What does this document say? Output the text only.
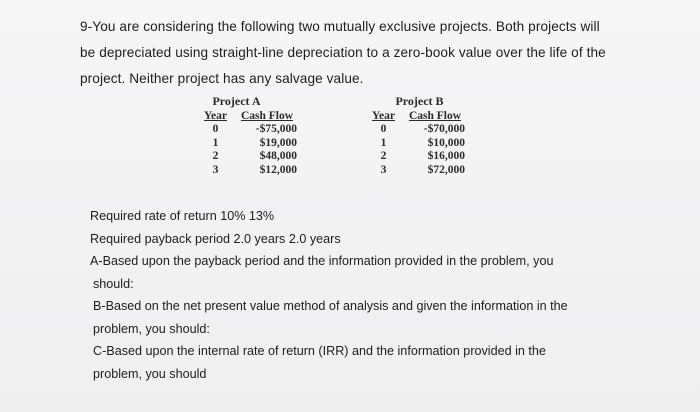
9-You are considering the following two mutually exclusive projects. Both projects will

be depreciated using straight-line depreciation to a zero-book value over the life of the

project. Neither project has any salvage value.

Project A
Year	Cash Flow
0	-$75,000
1	$19,000
2	$48,000
3	$12,000
Project B
Year	Cash Flow
0	-$70,000
1	$10,000
2	$16,000
3	$72,000

Required rate of return 10% 13%

Required payback period 2.0 years 2.0 years

A-Based upon the payback period and the information provided in the problem, you

should:

B-Based on the net present value method of analysis and given the information in the

problem, you should:

C-Based upon the internal rate of return (IRR) and the information provided in the

problem, you should
